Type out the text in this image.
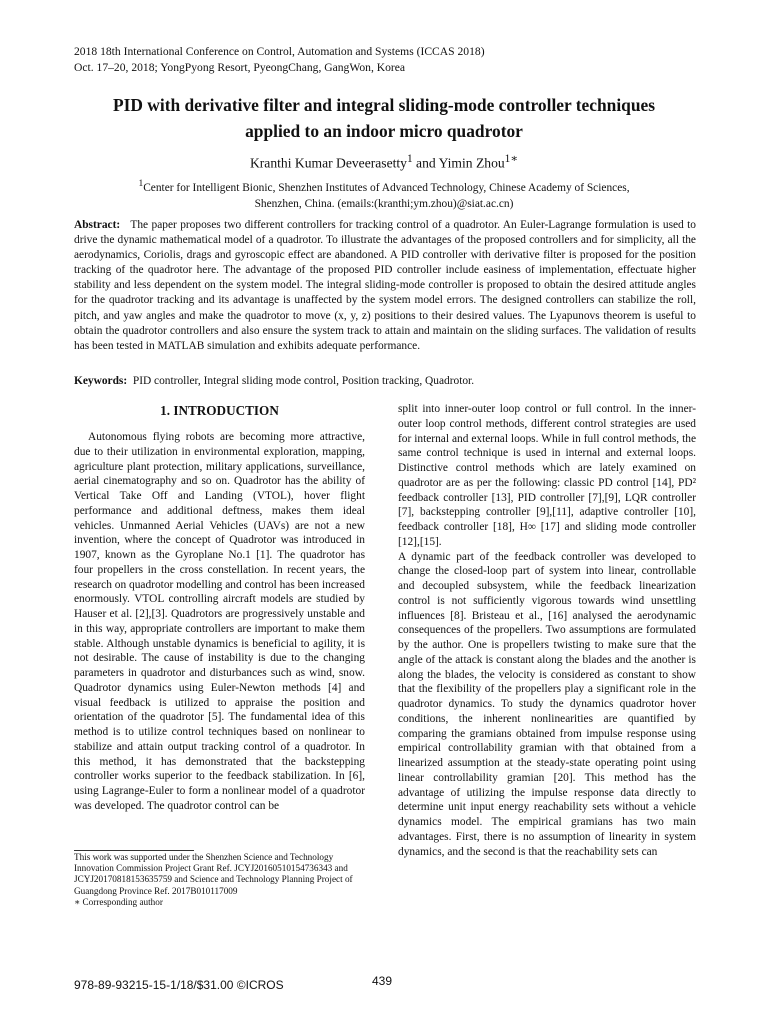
2018 18th International Conference on Control, Automation and Systems (ICCAS 2018)
Oct. 17–20, 2018; YongPyong Resort, PyeongChang, GangWon, Korea
PID with derivative filter and integral sliding-mode controller techniques
applied to an indoor micro quadrotor
Kranthi Kumar Deveerasetty$^1$ and Yimin Zhou$^{1∗}$
$^1$Center for Intelligent Bionic, Shenzhen Institutes of Advanced Technology, Chinese Academy of Sciences,
Shenzhen, China. (emails:(kranthi;ym.zhou)@siat.ac.cn)
Abstract: The paper proposes two different controllers for tracking control of a quadrotor. An Euler-Lagrange formulation is used to drive the dynamic mathematical model of a quadrotor. To illustrate the advantages of the proposed controllers and for simplicity, all the aerodynamics, Coriolis, drags and gyroscopic effect are abandoned. A PID controller with derivative filter is proposed for the position tracking of the quadrotor here. The advantage of the proposed PID controller include easiness of implementation, effectuate higher stability and less dependent on the system model. The integral sliding-mode controller is proposed to obtain the desired attitude angles for the quadrotor tracking and its advantage is unaffected by the system model errors. The designed controllers can stabilize the roll, pitch, and yaw angles and make the quadrotor to move (x, y, z) positions to their desired values. The Lyapunovs theorem is useful to obtain the quadrotor controllers and also ensure the system track to attain and maintain on the sliding surfaces. The validation of results has been tested in MATLAB simulation and exhibits adequate performance.
Keywords: PID controller, Integral sliding mode control, Position tracking, Quadrotor.
1. INTRODUCTION

Autonomous flying robots are becoming more attractive, due to their utilization in environmental exploration, mapping, agriculture plant protection, military applications, surveillance, aerial cinematography and so on. Quadrotor has the ability of Vertical Take Off and Landing (VTOL), hover flight performance and additional deftness, makes them ideal vehicles. Unmanned Aerial Vehicles (UAVs) are not a new invention, where the concept of Quadrotor was introduced in 1907, known as the Gyroplane No.1 [1]. The quadrotor has four propellers in the cross constellation. In recent years, the research on quadrotor modelling and control has been increased enormously. VTOL controlling aircraft models are studied by Hauser et al. [2],[3]. Quadrotors are progressively unstable and in this way, appropriate controllers are important to make them stable. Although unstable dynamics is beneficial to agility, it is not desirable. The cause of instability is due to the changing parameters in quadrotor and disturbances such as wind, snow. Quadrotor dynamics using Euler-Newton methods [4] and visual feedback is utilized to appraise the position and orientation of the quadrotor [5]. The fundamental idea of this method is to utilize control techniques based on nonlinear to stabilize and attain output tracking control of a quadrotor. In this method, it has demonstrated that the backstepping controller works superior to the feedback stabilization. In [6], using Lagrange-Euler to form a nonlinear model of a quadrotor was developed. The quadrotor control can be

split into inner-outer loop control or full control. In the inner-outer loop control methods, different control strategies are used for internal and external loops. While in full control methods, the same control technique is used in internal and external loops. Distinctive control methods which are lately examined on quadrotor are as per the following: classic PD control [14], PD² feedback controller [13], PID controller [7],[9], LQR controller [7], backstepping controller [9],[11], adaptive controller [10], feedback controller [18], H∞ [17] and sliding mode controller [12],[15].

A dynamic part of the feedback controller was developed to change the closed-loop part of system into linear, controllable and decoupled subsystem, while the feedback linearization control is not sufficiently vigorous towards wind unsettling influences [8]. Bristeau et al., [16] analysed the aerodynamic consequences of the propellers. Two assumptions are formulated by the author. One is propellers twisting to make sure that the angle of the attack is constant along the blades and the another is along the blades, the velocity is considered as constant to show that the flexibility of the propellers play a significant role in the quadrotor dynamics. To study the dynamics quadrotor hover conditions, the inherent nonlinearities are quantified by comparing the gramians obtained from impulse response using empirical controllability gramian with that obtained from a linearized assumption at the steady-state operating point using linear controllability gramian [20]. This method has the advantage of utilizing the impulse response data directly to determine unit input energy reachability sets without a vehicle dynamics model. The empirical gramians has two main advantages. First, there is no assumption of linearity in system dynamics, and the second is that the reachability sets can

This work was supported under the Shenzhen Science and Technology Innovation Commission Project Grant Ref. JCYJ20160510154736343 and JCYJ20170818153635759 and Science and Technology Planning Project of Guangdong Province Ref. 2017B010117009
∗ Corresponding author
978-89-93215-15-1/18/$31.00 ©ICROS	439
